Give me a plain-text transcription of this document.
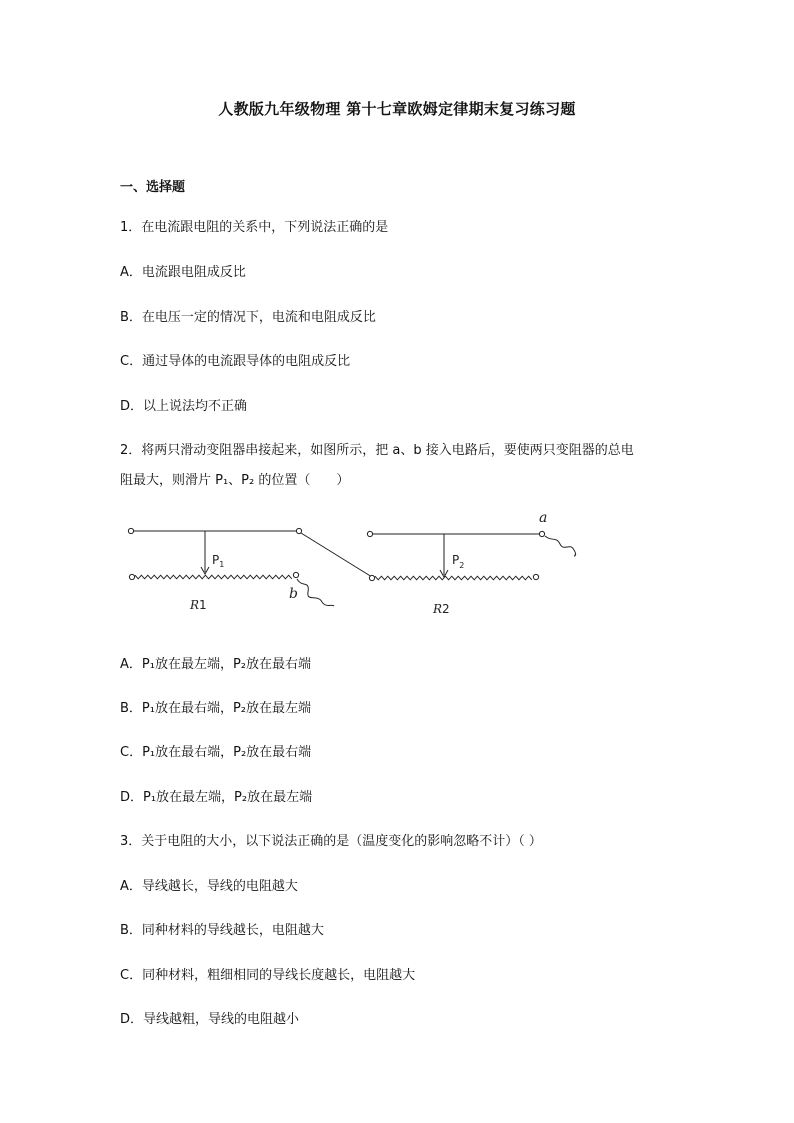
人教版九年级物理 第十七章欧姆定律期末复习练习题
一、选择题
1．在电流跟电阻的关系中，下列说法正确的是
A．电流跟电阻成反比
B．在电压一定的情况下，电流和电阻成反比
C．通过导体的电流跟导体的电阻成反比
D．以上说法均不正确
2．将两只滑动变阻器串接起来，如图所示，把 a、b 接入电路后，要使两只变阻器的总电
阻最大，则滑片 P₁、P₂ 的位置（　　）
$P_1$	$P_2$
R1	R2
a
b
A．P₁放在最左端，P₂放在最右端
B．P₁放在最右端，P₂放在最左端
C．P₁放在最右端，P₂放在最右端
D．P₁放在最左端，P₂放在最左端
3．关于电阻的大小，以下说法正确的是（温度变化的影响忽略不计）（ ）
A．导线越长，导线的电阻越大
B．同种材料的导线越长，电阻越大
C．同种材料，粗细相同的导线长度越长，电阻越大
D．导线越粗，导线的电阻越小
